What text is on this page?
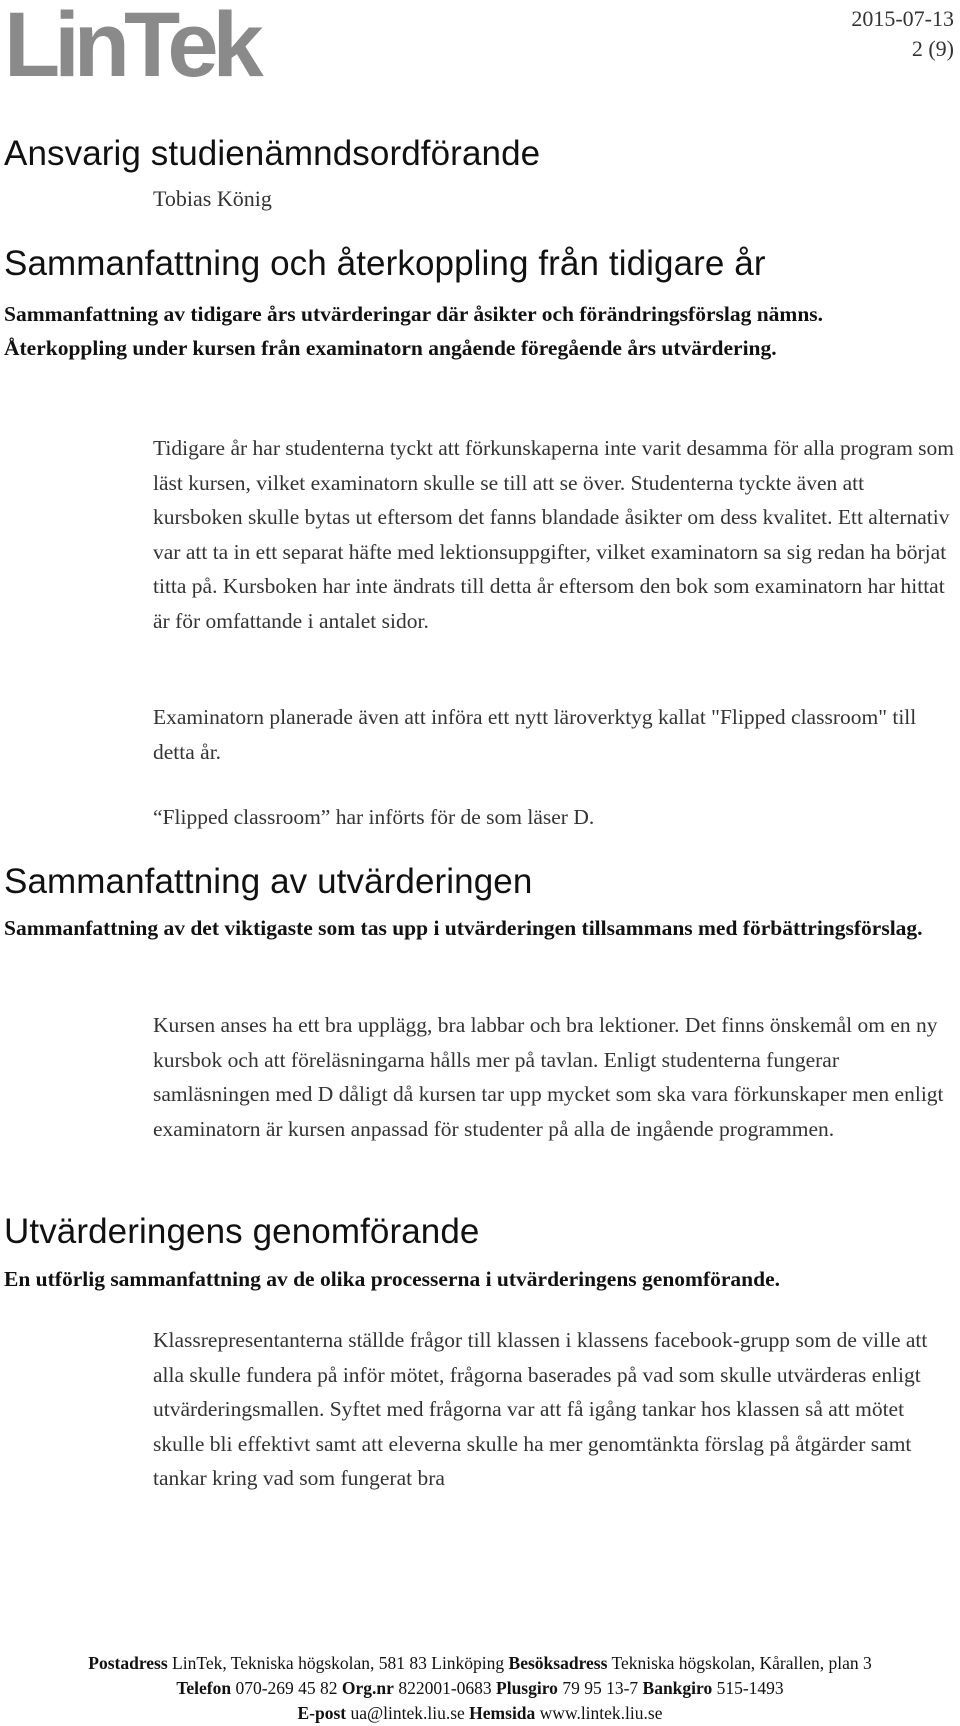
LinTek	2015-07-13
2 (9)
Ansvarig studienämndsordförande
Tobias König
Sammanfattning och återkoppling från tidigare år

Sammanfattning av tidigare års utvärderingar där åsikter och förändringsförslag nämns. Återkoppling under kursen från examinatorn angående föregående års utvärdering.

Tidigare år har studenterna tyckt att förkunskaperna inte varit desamma för alla program som läst kursen, vilket examinatorn skulle se till att se över. Studenterna tyckte även att kursboken skulle bytas ut eftersom det fanns blandade åsikter om dess kvalitet. Ett alternativ var att ta in ett separat häfte med lektionsuppgifter, vilket examinatorn sa sig redan ha börjat titta på. Kursboken har inte ändrats till detta år eftersom den bok som examinatorn har hittat är för omfattande i antalet sidor.

Examinatorn planerade även att införa ett nytt läroverktyg kallat "Flipped classroom" till detta år.

“Flipped classroom” har införts för de som läser D.

Sammanfattning av utvärderingen

Sammanfattning av det viktigaste som tas upp i utvärderingen tillsammans med förbättringsförslag.

Kursen anses ha ett bra upplägg, bra labbar och bra lektioner. Det finns önskemål om en ny kursbok och att föreläsningarna hålls mer på tavlan. Enligt studenterna fungerar samläsningen med D dåligt då kursen tar upp mycket som ska vara förkunskaper men enligt examinatorn är kursen anpassad för studenter på alla de ingående programmen.

Utvärderingens genomförande

En utförlig sammanfattning av de olika processerna i utvärderingens genomförande.

Klassrepresentanterna ställde frågor till klassen i klassens facebook-grupp som de ville att alla skulle fundera på inför mötet, frågorna baserades på vad som skulle utvärderas enligt utvärderingsmallen. Syftet med frågorna var att få igång tankar hos klassen så att mötet skulle bli effektivt samt att eleverna skulle ha mer genomtänkta förslag på åtgärder samt tankar kring vad som fungerat bra

Postadress LinTek, Tekniska högskolan, 581 83 Linköping Besöksadress Tekniska högskolan, Kårallen, plan 3
Telefon 070-269 45 82 Org.nr 822001-0683 Plusgiro 79 95 13-7 Bankgiro 515-1493
E-post ua@lintek.liu.se Hemsida www.lintek.liu.se
